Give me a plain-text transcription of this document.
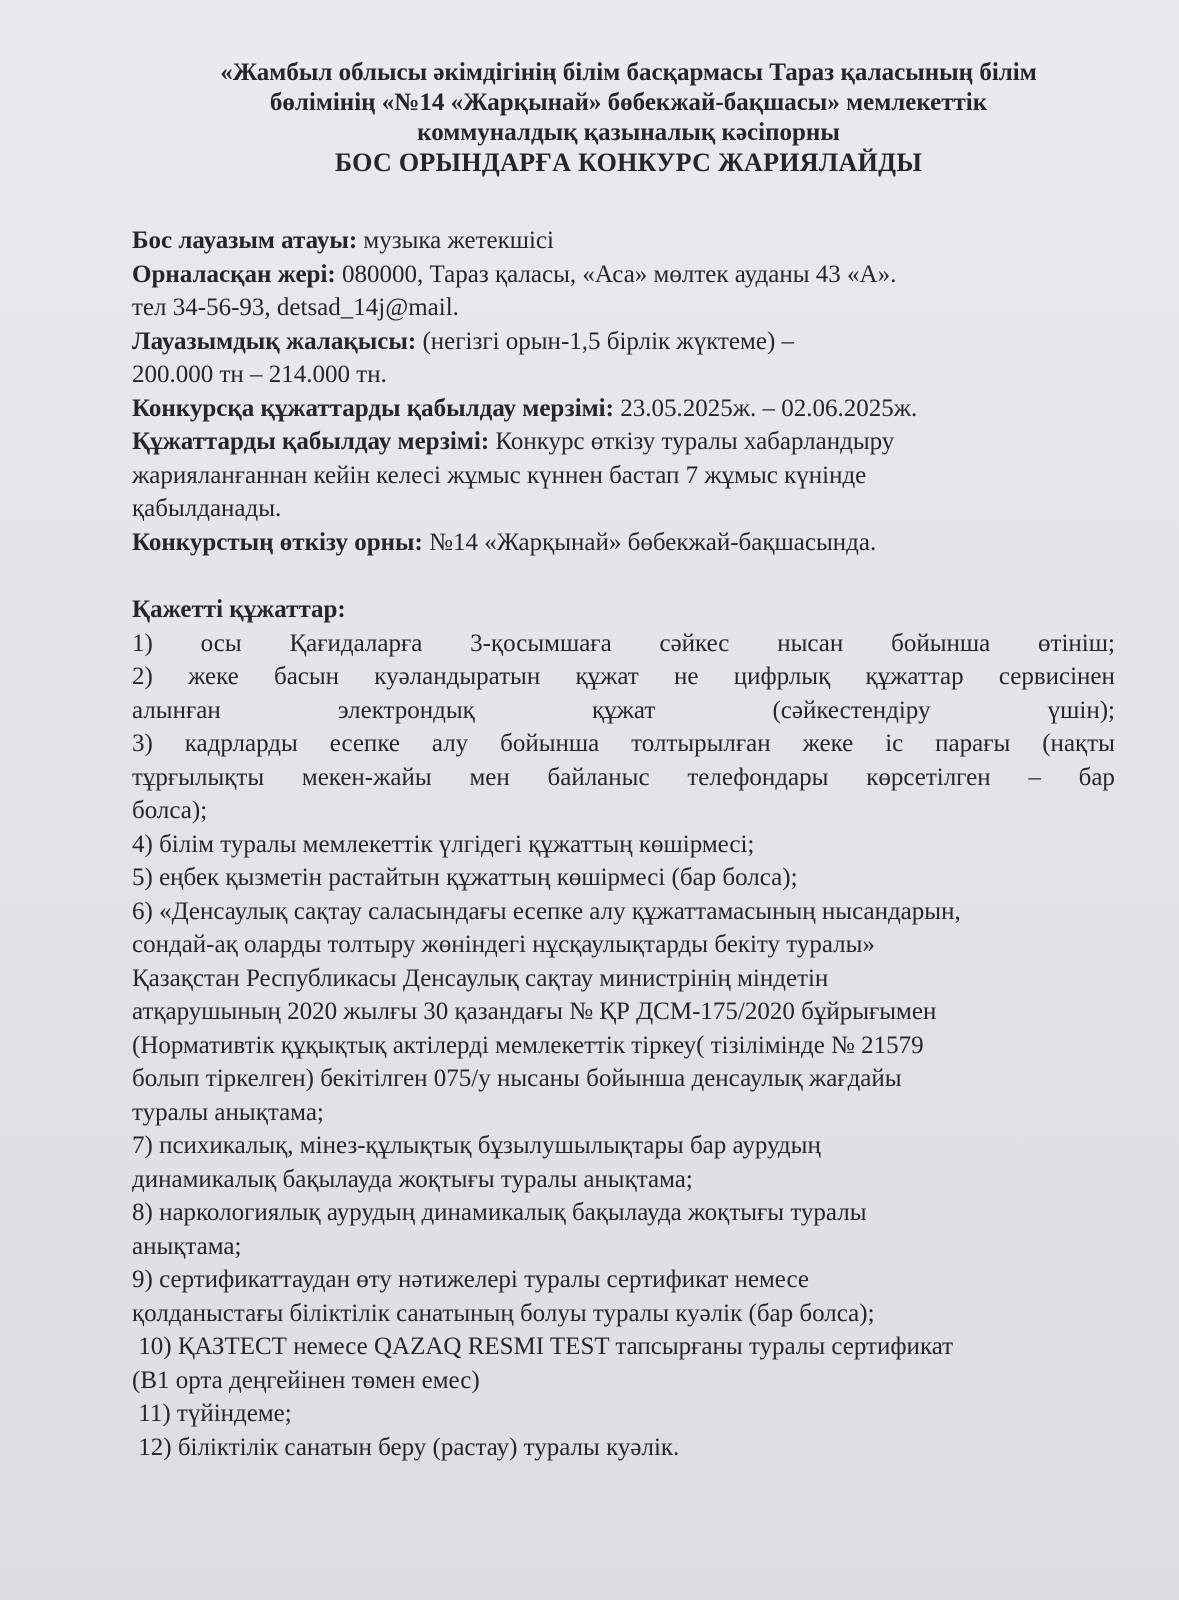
«Жамбыл облысы әкімдігінің білім басқармасы Тараз қаласының білім
бөлімінің «№14 «Жарқынай» бөбекжай-бақшасы» мемлекеттік
коммуналдық қазыналық кәсіпорны
БОС ОРЫНДАРҒА КОНКУРС ЖАРИЯЛАЙДЫ
Бос лауазым атауы: музыка жетекшісі
Орналасқан жері: 080000, Тараз қаласы, «Аса» мөлтек ауданы 43 «А».
тел 34-56-93, detsad_14j@mail.
Лауазымдық жалақысы: (негізгі орын-1,5 бірлік жүктеме) –
200.000 тн – 214.000 тн.
Конкурсқа құжаттарды қабылдау мерзімі: 23.05.2025ж. – 02.06.2025ж.
Құжаттарды қабылдау мерзімі: Конкурс өткізу туралы хабарландыру
жарияланғаннан кейін келесі жұмыс күннен бастап 7 жұмыс күнінде
қабылданады.
Конкурстың өткізу орны: №14 «Жарқынай» бөбекжай-бақшасында.
Қажетті құжаттар:
1) осы Қағидаларға 3-қосымшаға сәйкес нысан бойынша өтініш;
2) жеке басын куәландыратын құжат не цифрлық құжаттар сервисінен
алынған	электрондық	құжат	(сәйкестендіру	үшін);
3) кадрларды есепке алу бойынша толтырылған жеке іс парағы (нақты
тұрғылықты мекен-жайы мен байланыс телефондары көрсетілген – бар
болса);
4) білім туралы мемлекеттік үлгідегі құжаттың көшірмесі;
5) еңбек қызметін растайтын құжаттың көшірмесі (бар болса);
6) «Денсаулық сақтау саласындағы есепке алу құжаттамасының нысандарын,
сондай-ақ оларды толтыру жөніндегі нұсқаулықтарды бекіту туралы»
Қазақстан Республикасы Денсаулық сақтау министрінің міндетін
атқарушының 2020 жылғы 30 қазандағы № ҚР ДСМ-175/2020 бұйрығымен
(Нормативтік құқықтық актілерді мемлекеттік тіркеу( тізілімінде № 21579
болып тіркелген) бекітілген 075/у нысаны бойынша денсаулық жағдайы
туралы анықтама;
7) психикалық, мінез-құлықтық бұзылушылықтары бар аурудың
динамикалық бақылауда жоқтығы туралы анықтама;
8) наркологиялық аурудың динамикалық бақылауда жоқтығы туралы
анықтама;
9) сертификаттаудан өту нәтижелері туралы сертификат немесе
қолданыстағы біліктілік санатының болуы туралы куәлік (бар болса);
10) ҚАЗТЕСТ немесе QAZAQ RESMI TEST тапсырғаны туралы сертификат
(В1 орта деңгейінен төмен емес)
11) түйіндеме;
12) біліктілік санатын беру (растау) туралы куәлік.
